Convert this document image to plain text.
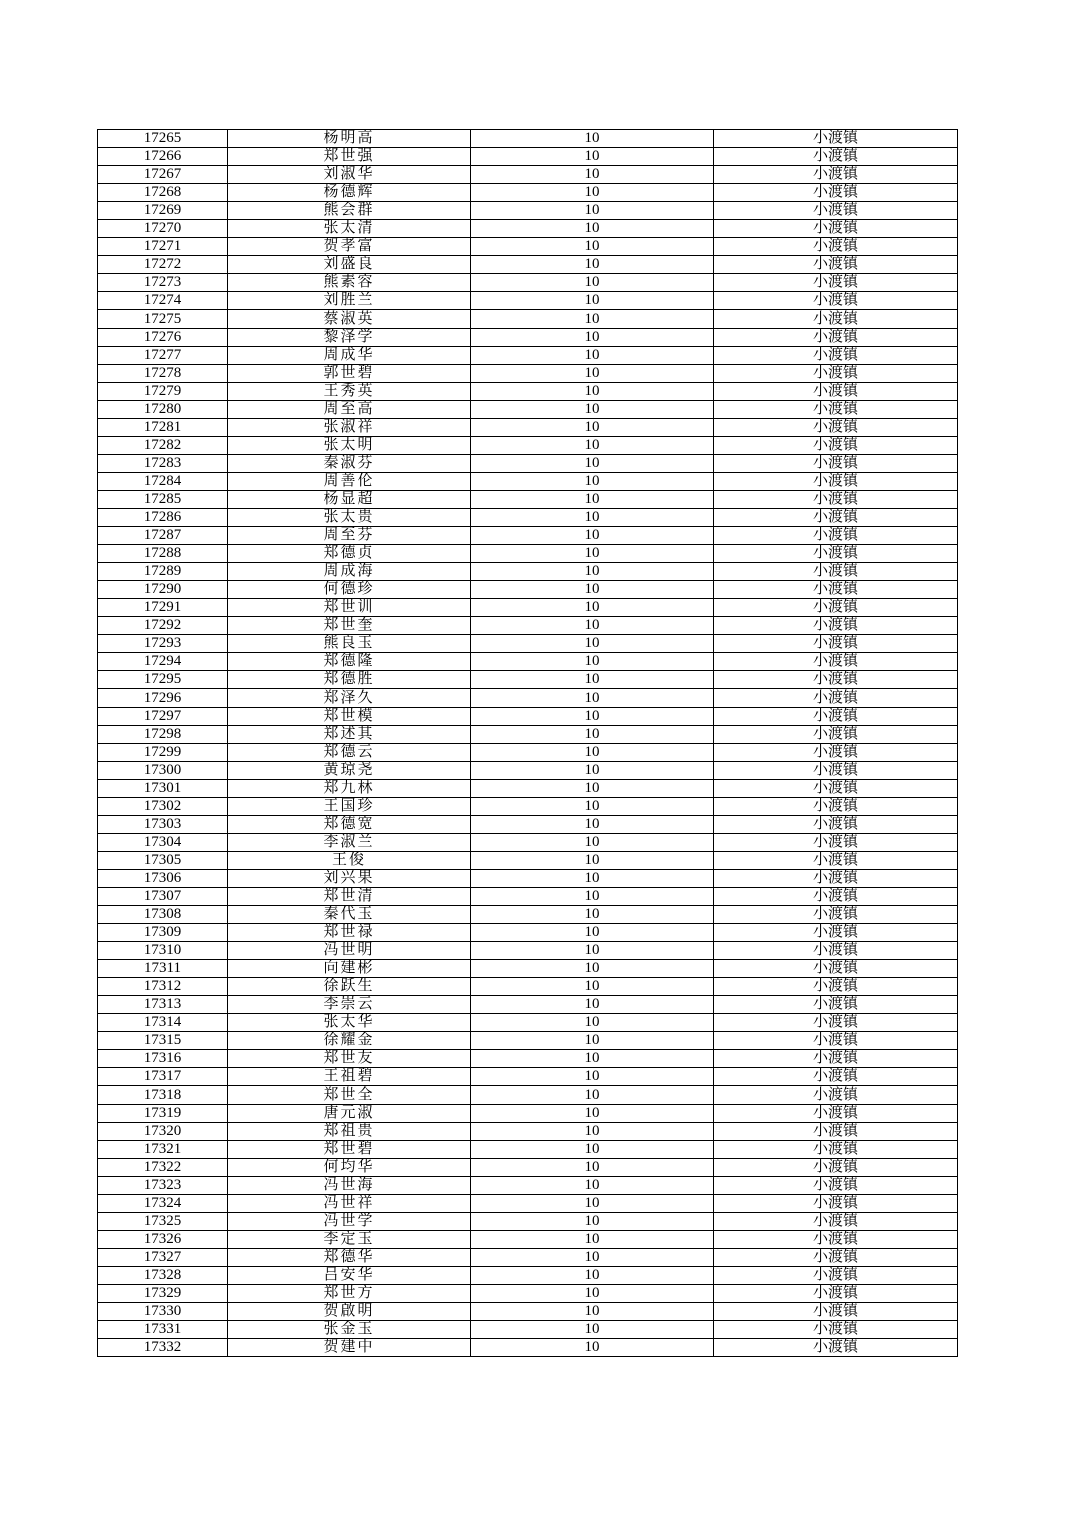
17265	杨明高	10	小渡镇
17266	郑世强	10	小渡镇
17267	刘淑华	10	小渡镇
17268	杨德辉	10	小渡镇
17269	熊会群	10	小渡镇
17270	张太清	10	小渡镇
17271	贺孝富	10	小渡镇
17272	刘盛良	10	小渡镇
17273	熊素容	10	小渡镇
17274	刘胜兰	10	小渡镇
17275	蔡淑英	10	小渡镇
17276	黎泽学	10	小渡镇
17277	周成华	10	小渡镇
17278	郭世碧	10	小渡镇
17279	王秀英	10	小渡镇
17280	周至高	10	小渡镇
17281	张淑祥	10	小渡镇
17282	张太明	10	小渡镇
17283	秦淑芬	10	小渡镇
17284	周善伦	10	小渡镇
17285	杨显超	10	小渡镇
17286	张太贵	10	小渡镇
17287	周至芬	10	小渡镇
17288	郑德贞	10	小渡镇
17289	周成海	10	小渡镇
17290	何德珍	10	小渡镇
17291	郑世训	10	小渡镇
17292	郑世奎	10	小渡镇
17293	熊良玉	10	小渡镇
17294	郑德隆	10	小渡镇
17295	郑德胜	10	小渡镇
17296	郑泽久	10	小渡镇
17297	郑世模	10	小渡镇
17298	郑述其	10	小渡镇
17299	郑德云	10	小渡镇
17300	黄琼尧	10	小渡镇
17301	郑九林	10	小渡镇
17302	王国珍	10	小渡镇
17303	郑德宽	10	小渡镇
17304	李淑兰	10	小渡镇
17305	王俊	10	小渡镇
17306	刘兴果	10	小渡镇
17307	郑世清	10	小渡镇
17308	秦代玉	10	小渡镇
17309	郑世禄	10	小渡镇
17310	冯世明	10	小渡镇
17311	向建彬	10	小渡镇
17312	徐跃生	10	小渡镇
17313	李崇云	10	小渡镇
17314	张太华	10	小渡镇
17315	徐耀金	10	小渡镇
17316	郑世友	10	小渡镇
17317	王祖碧	10	小渡镇
17318	郑世全	10	小渡镇
17319	唐元淑	10	小渡镇
17320	郑祖贵	10	小渡镇
17321	郑世碧	10	小渡镇
17322	何均华	10	小渡镇
17323	冯世海	10	小渡镇
17324	冯世祥	10	小渡镇
17325	冯世学	10	小渡镇
17326	李定玉	10	小渡镇
17327	郑德华	10	小渡镇
17328	吕安华	10	小渡镇
17329	郑世方	10	小渡镇
17330	贺啟明	10	小渡镇
17331	张金玉	10	小渡镇
17332	贺建中	10	小渡镇
